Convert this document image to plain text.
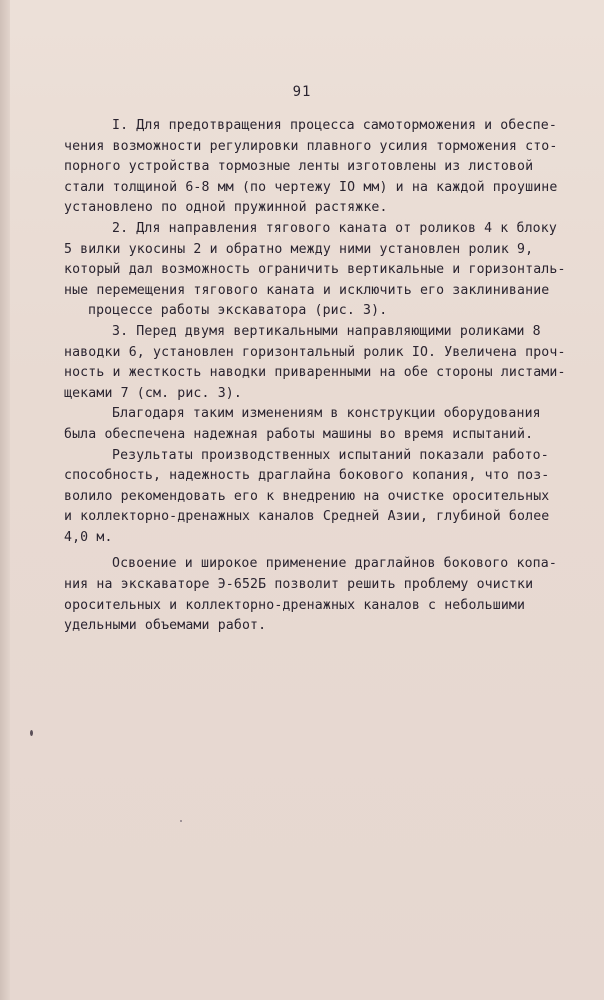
91
I. Для предотвращения процесса самоторможения и обеспе-
чения возможности регулировки плавного усилия торможения сто-
порного устройства тормозные ленты изготовлены из листовой
стали толщиной 6-8 мм (по чертежу IO мм) и на каждой проушине
установлено по одной пружинной растяжке.
2. Для направления тягового каната от роликов 4 к блоку
5 вилки укосины 2 и обратно между ними установлен ролик 9,
который дал возможность ограничить вертикальные и горизонталь-
ные перемещения тягового каната и исключить его заклинивание
процессе работы экскаватора (рис. 3).
3. Перед двумя вертикальными направляющими роликами 8
наводки 6, установлен горизонтальный ролик IO. Увеличена проч-
ность и жесткость наводки приваренными на обе стороны листами-
щеками 7 (см. рис. 3).
Благодаря таким изменениям в конструкции оборудования
была обеспечена надежная работы машины во время испытаний.
Результаты производственных испытаний показали работо-
способность, надежность драглайна бокового копания, что поз-
волило рекомендовать его к внедрению на очистке оросительных
и коллекторно-дренажных каналов Средней Азии, глубиной более
4,0 м.
Освоение и широкое применение драглайнов бокового копа-
ния на экскаваторе Э-652Б позволит решить проблему очистки
оросительных и коллекторно-дренажных каналов с небольшими
удельными объемами работ.
